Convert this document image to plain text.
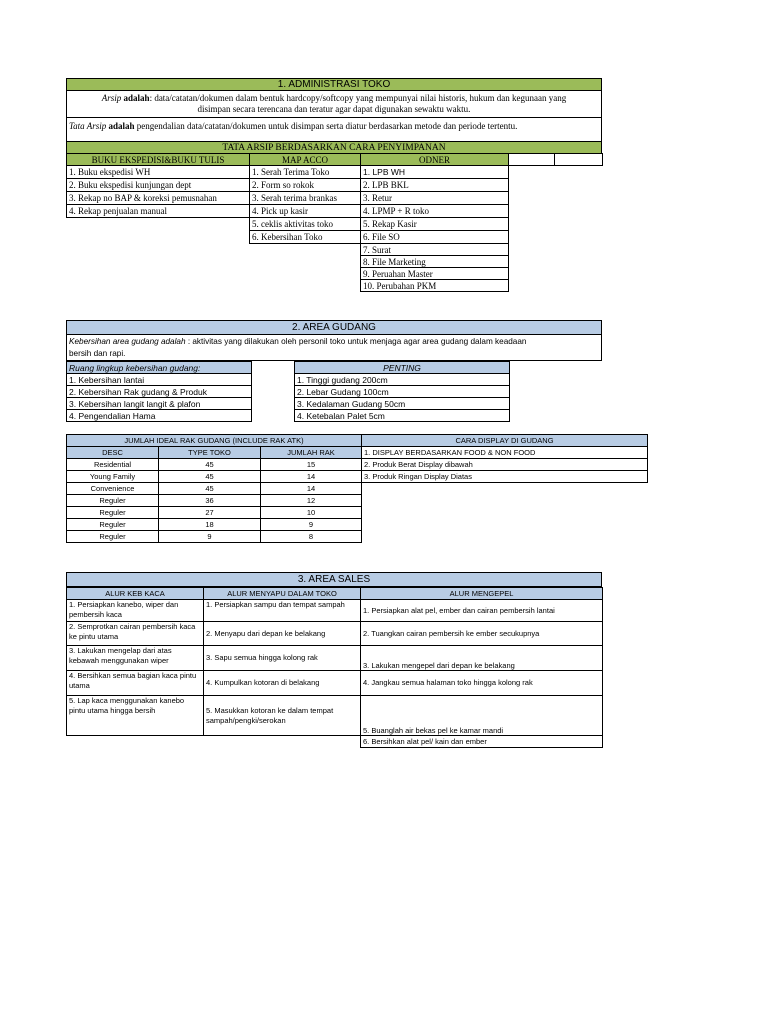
1. ADMINISTRASI TOKO
Arsip adalah: data/catatan/dokumen dalam bentuk hardcopy/softcopy yang mempunyai nilai historis, hukum dan kegunaan yang
disimpan secara terencana dan teratur agar dapat digunakan sewaktu waktu.
Tata Arsip adalah pengendalian data/catatan/dokumen untuk disimpan serta diatur berdasarkan metode dan periode tertentu.
TATA ARSIP BERDASARKAN CARA PENYIMPANAN
BUKU EKSPEDISI&BUKU TULIS	MAP ACCO	ODNER		
1. Buku ekspedisi WH	1. Serah Terima Toko	1. LPB WH		
2. Buku ekspedisi kunjungan dept	2. Form so rokok	2. LPB BKL		
3. Rekap no BAP & koreksi pemusnahan	3. Serah terima brankas	3. Retur		
4. Rekap penjualan manual	4. Pick up kasir	4. LPMP + R toko		
	5. ceklis aktivitas toko	5. Rekap Kasir		
	6. Kebersihan Toko	6. File SO		
		7. Surat		
		8. File Marketing		
		9. Peruahan Master		
		10. Perubahan PKM		
2. AREA GUDANG
Kebersihan area gudang adalah : aktivitas yang dilakukan oleh personil toko untuk menjaga agar area gudang dalam keadaan
bersih dan rapi.
Ruang lingkup kebersihan gudang:
1. Kebersihan lantai
2. Kebersihan Rak gudang & Produk
3. Kebersihan langit langit & plafon
4. Pengendalian Hama
PENTING
1. Tinggi gudang 200cm
2. Lebar Gudang 100cm
3. Kedalaman Gudang 50cm
4. Ketebalan Palet 5cm
JUMLAH IDEAL RAK GUDANG (INCLUDE RAK ATK)		
DESC	TYPE TOKO	JUMLAH RAK
Residential	45	15
Young Family	45	14
Convenience	45	14
Reguler	36	12
Reguler	27	10
Reguler	18	9
Reguler	9	8
CARA DISPLAY DI GUDANG
1. DISPLAY BERDASARKAN FOOD & NON FOOD
2. Produk Berat Display dibawah
3. Produk Ringan Display Diatas
3. AREA SALES
ALUR KEB KACA	ALUR MENYAPU DALAM TOKO	ALUR MENGEPEL
1. Persiapkan kanebo, wiper dan pembersih kaca	1. Persiapkan sampu dan tempat sampah	1. Persiapkan alat pel, ember dan cairan pembersih lantai
2. Semprotkan cairan pembersih kaca ke pintu utama	2. Menyapu dari depan ke belakang	2. Tuangkan cairan pembersih ke ember secukupnya
3. Lakukan mengelap dari atas kebawah menggunakan wiper	3. Sapu semua hingga kolong rak	3. Lakukan mengepel dari depan ke belakang
4. Bersihkan semua bagian kaca pintu utama	4. Kumpulkan kotoran di belakang	4. Jangkau semua halaman toko hingga kolong rak
5. Lap kaca menggunakan kanebo pintu utama hingga bersih	5. Masukkan kotoran ke dalam tempat sampah/pengki/serokan	5. Buanglah air bekas pel ke kamar mandi
		6. Bersihkan alat pel/ kain dan ember
